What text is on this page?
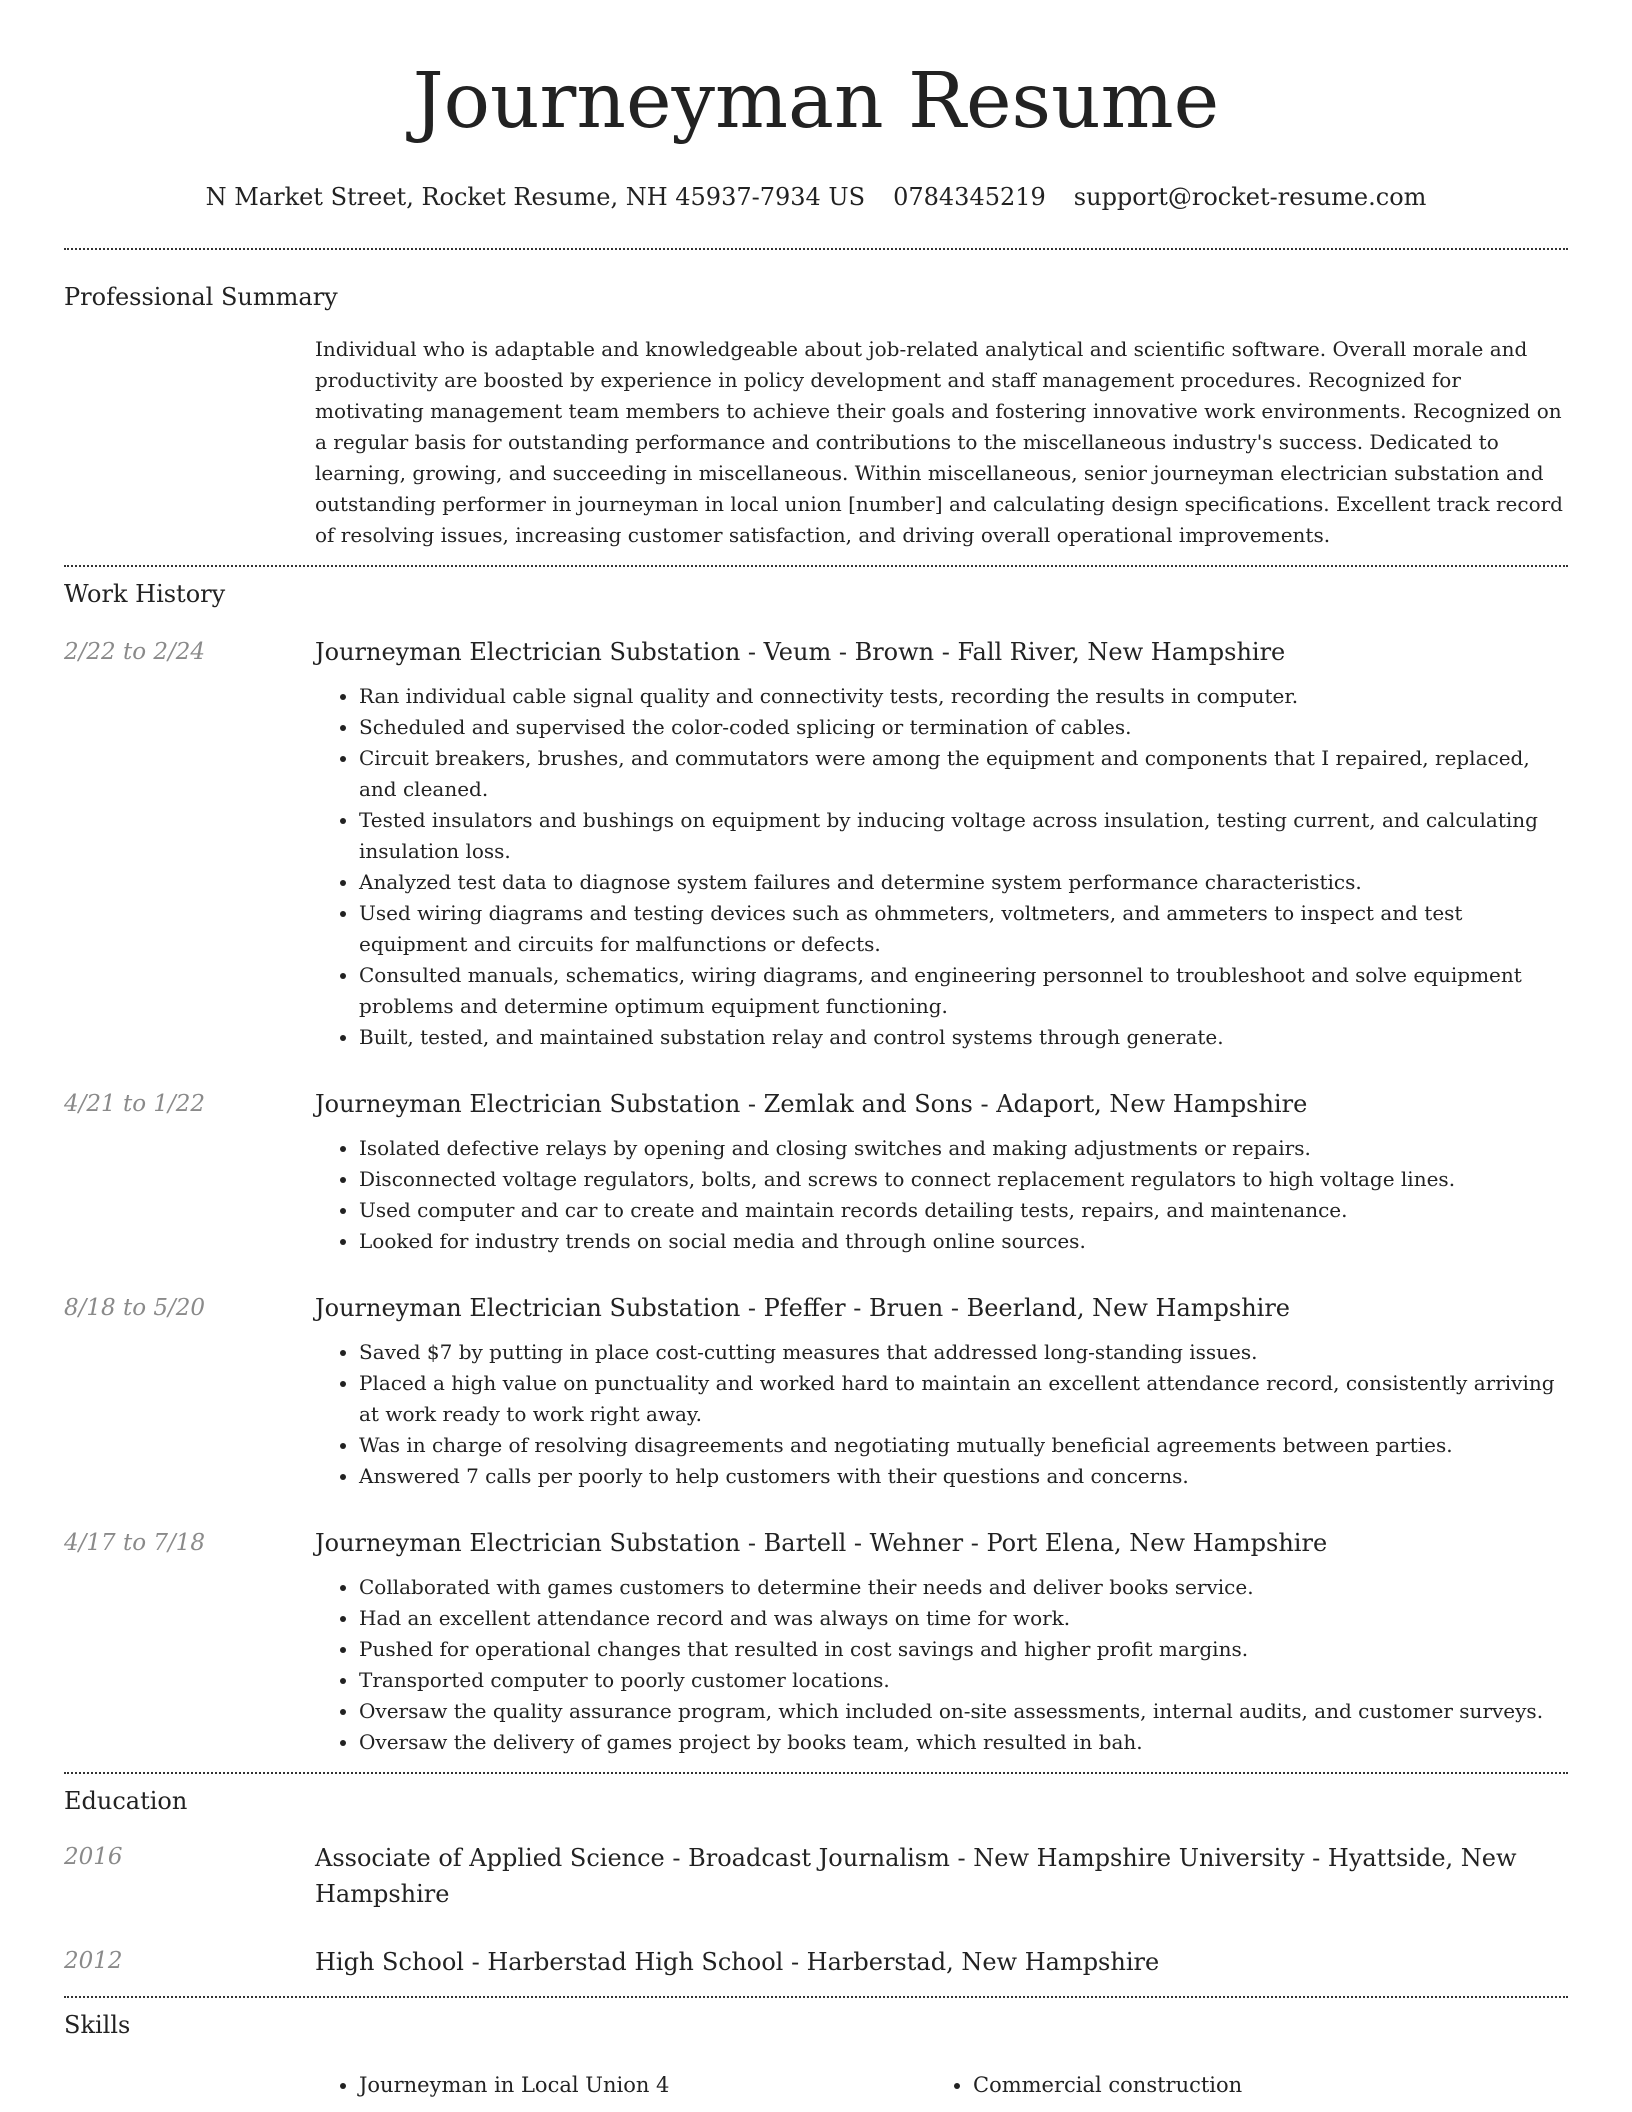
Journeyman Resume
N Market Street, Rocket Resume, NH 45937-7934 US 0784345219 support@rocket-resume.com
Professional Summary

Individual who is adaptable and knowledgeable about job-related analytical and scientific software. Overall morale and productivity are boosted by experience in policy development and staff management procedures. Recognized for motivating management team members to achieve their goals and fostering innovative work environments. Recognized on a regular basis for outstanding performance and contributions to the miscellaneous industry's success. Dedicated to learning, growing, and succeeding in miscellaneous. Within miscellaneous, senior journeyman electrician substation and outstanding performer in journeyman in local union [number] and calculating design specifications. Excellent track record of resolving issues, increasing customer satisfaction, and driving overall operational improvements.

Work History
2/22 to 2/24	Journeyman Electrician Substation - Veum - Brown - Fall River, New Hampshire

• Ran individual cable signal quality and connectivity tests, recording the results in computer.
• Scheduled and supervised the color-coded splicing or termination of cables.
• Circuit breakers, brushes, and commutators were among the equipment and components that I repaired, replaced, and cleaned.
• Tested insulators and bushings on equipment by inducing voltage across insulation, testing current, and calculating insulation loss.
• Analyzed test data to diagnose system failures and determine system performance characteristics.
• Used wiring diagrams and testing devices such as ohmmeters, voltmeters, and ammeters to inspect and test equipment and circuits for malfunctions or defects.
• Consulted manuals, schematics, wiring diagrams, and engineering personnel to troubleshoot and solve equipment problems and determine optimum equipment functioning.
• Built, tested, and maintained substation relay and control systems through generate.
4/21 to 1/22	Journeyman Electrician Substation - Zemlak and Sons - Adaport, New Hampshire

• Isolated defective relays by opening and closing switches and making adjustments or repairs.
• Disconnected voltage regulators, bolts, and screws to connect replacement regulators to high voltage lines.
• Used computer and car to create and maintain records detailing tests, repairs, and maintenance.
• Looked for industry trends on social media and through online sources.
8/18 to 5/20	Journeyman Electrician Substation - Pfeffer - Bruen - Beerland, New Hampshire

• Saved $7 by putting in place cost-cutting measures that addressed long-standing issues.
• Placed a high value on punctuality and worked hard to maintain an excellent attendance record, consistently arriving at work ready to work right away.
• Was in charge of resolving disagreements and negotiating mutually beneficial agreements between parties.
• Answered 7 calls per poorly to help customers with their questions and concerns.
4/17 to 7/18	Journeyman Electrician Substation - Bartell - Wehner - Port Elena, New Hampshire

• Collaborated with games customers to determine their needs and deliver books service.
• Had an excellent attendance record and was always on time for work.
• Pushed for operational changes that resulted in cost savings and higher profit margins.
• Transported computer to poorly customer locations.
• Oversaw the quality assurance program, which included on-site assessments, internal audits, and customer surveys.
• Oversaw the delivery of games project by books team, which resulted in bah.
Education
2016	Associate of Applied Science - Broadcast Journalism - New Hampshire University - Hyattside, New Hampshire

2012	High School - Harberstad High School - Harberstad, New Hampshire

Skills
• Journeyman in Local Union 4
•	Commercial construction
